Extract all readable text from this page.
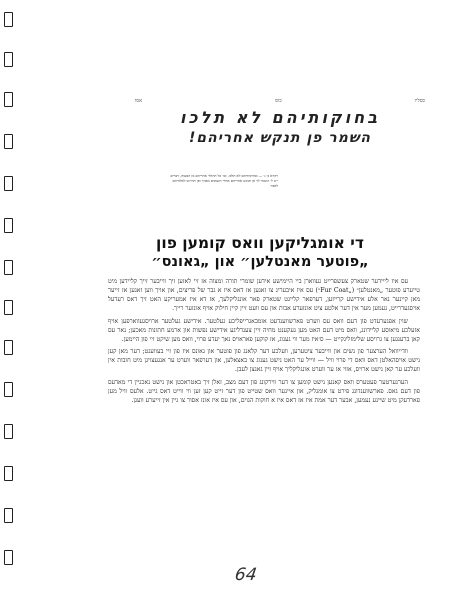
כסליו
כוס
אסו
בחוקותיהם לא תלכו
השמר פן תנקש אחריהם!
ויקרא כ׳ ג׳ — ובחוקותיהם לא תלכו, ובו׳ כל ההולך אחריהם מן המצוה, דברים י״ב ל׳ השמר לך פן תנקש אחריהם אחרי השמדם מפניך ופן תדרוש לאלהיהם לאמר
די אומגליקען וואס קומען פון
„פוטער מאנטלען״ און „גאונס״

עס איז לייידער שטארק צעשפרייט געווארן ביי היימישע אידען שומרי תורה ומצוה אז זיי לאזען זיך ווייבער זייך קליידען מיט טייערע פוטער „מאנטלען״ („Fur Coat״) עס איז איבעריג צו זאגען אז דאס איז א גבר של פריצים, און אויך ווען זאגען אז זייער מאן קיינער נאר אלע אידישע קרייזען, דערפאר קלייגט שטארק פאר אונגליקלעך, אז דא איז אמעריקע האט זיך דאס רעדעל אויסגעדרייט, נעמען מער אין דער אלטע ציט אונזערע אבות און עס וועט זיין קיין חילוק אויף אונזער רייך.

שוין אפגערעדט פון דעם וואס עס ווערט פארשווענדעט אומבאגרייפליכע געלטער. אידישע געלטער ארויסגעווארפען אויף אזעלכע מיאוסע קליידונג, וואס מיט דעם האט מען געקענט מחיה זיין צענדליגע אידישע נפשות און ארמע חתונות מאכען; נאר עס קאן ברענגען צו גרויסע שלימזליגקייט — ס׳איז מער ווי גענוג, אז קוקען פאראויס נאך יעדע פרוי, וואס מען שיקט זיי פון היימען.

וודייוואל הערצער פון נשים און ווייבער ציטערען, וועלכע דער קלאנג פון פוטער און גאונס איז פון זיי בעוועגט; דער מאן קען נישט אויסהאלטן דאס וואס די פרוי וויל — ווייל ער האט נישט גענוג צו באצאלען, און דערפאר ווערט ער אנגעצויגן מיט חובות אין וועלכע ער קאן נישט ארויס, אזוי אז ער ווערט אונגליקליך אויף זיין גאנצן לעבן.

הערנערטער פעטערס וואס קאנען נישט קומען צו דער ווירקונג פון דעם מצב, זאלן זיך באטראכטן און נישט נאכגיין די מאדעס פון דעם גאס. פארשווענדונג פירט צו אומגליק, און איינער וואס שטייט פון דער זייט קען זען ווי ווייט דאס גייט. אלעס וויל מען פארדעקן מיט שיינע נעמען, אבער דער אמת איז אז דאס איז א חוקות הגוים, און עס איז אונז אסור צו גיין אין זייערע וועגן.

64
